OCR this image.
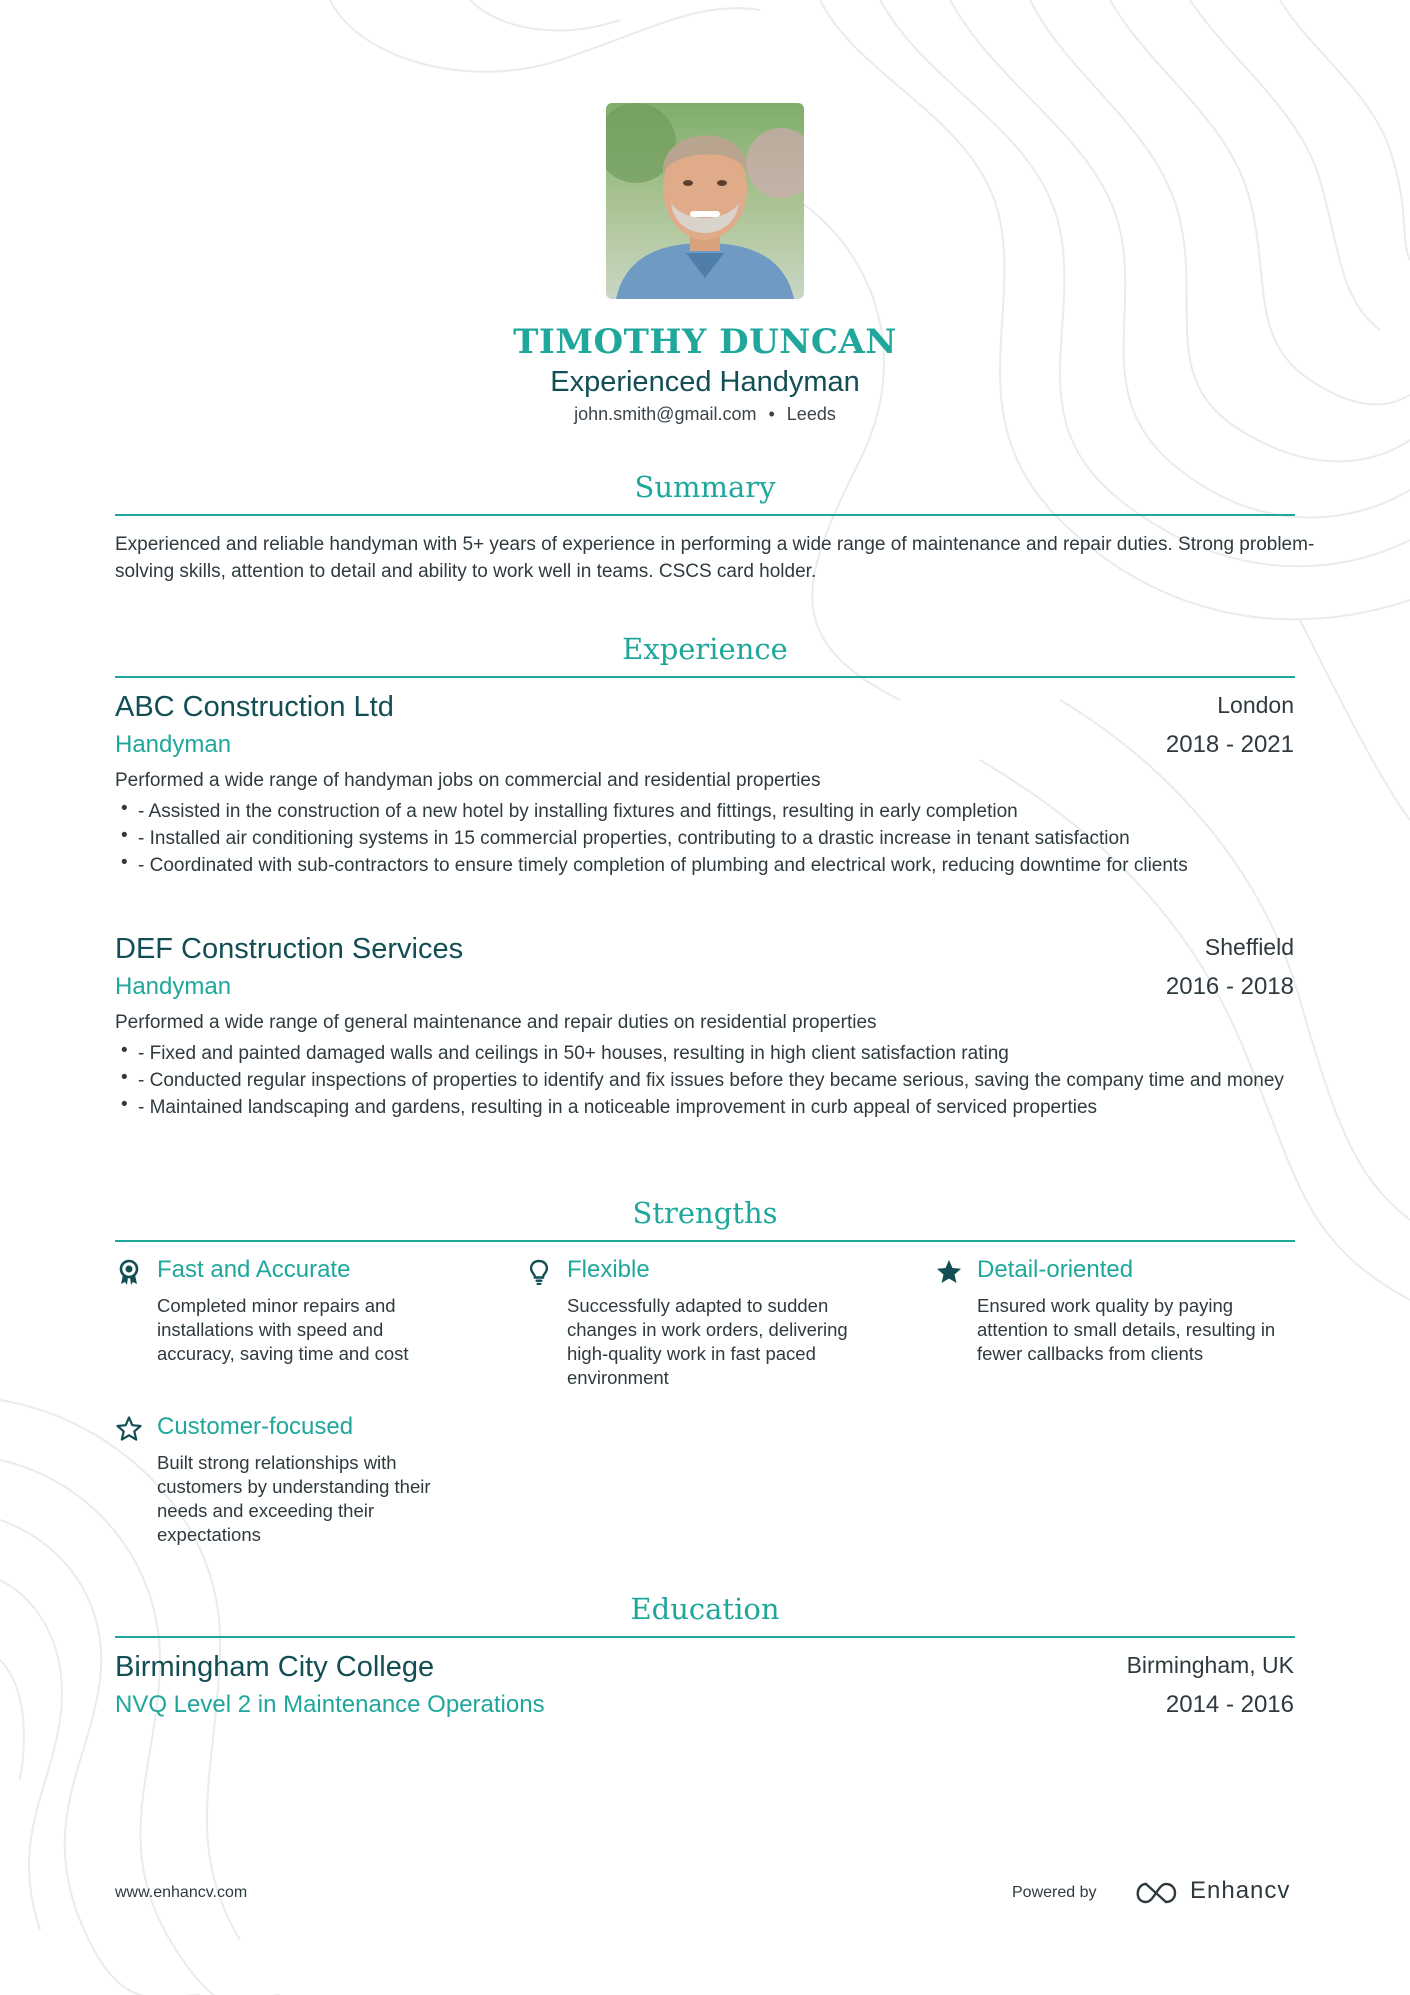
TIMOTHY DUNCAN
Experienced Handyman
john.smith@gmail.com • Leeds
Summary
Experienced and reliable handyman with 5+ years of experience in performing a wide range of maintenance and repair duties. Strong problem-solving skills, attention to detail and ability to work well in teams. CSCS card holder.
Experience
ABC Construction Ltd	London
Handyman	2018 - 2021
Performed a wide range of handyman jobs on commercial and residential properties
• - Assisted in the construction of a new hotel by installing fixtures and fittings, resulting in early completion
• - Installed air conditioning systems in 15 commercial properties, contributing to a drastic increase in tenant satisfaction
• - Coordinated with sub-contractors to ensure timely completion of plumbing and electrical work, reducing downtime for clients
DEF Construction Services	Sheffield
Handyman	2016 - 2018
Performed a wide range of general maintenance and repair duties on residential properties
• - Fixed and painted damaged walls and ceilings in 50+ houses, resulting in high client satisfaction rating
• - Conducted regular inspections of properties to identify and fix issues before they became serious, saving the company time and money
• - Maintained landscaping and gardens, resulting in a noticeable improvement in curb appeal of serviced properties
Strengths
Fast and Accurate
Completed minor repairs and installations with speed and accuracy, saving time and cost
Flexible
Successfully adapted to sudden changes in work orders, delivering high-quality work in fast paced environment
Detail-oriented
Ensured work quality by paying attention to small details, resulting in fewer callbacks from clients
Customer-focused
Built strong relationships with customers by understanding their needs and exceeding their expectations
Education
Birmingham City College	Birmingham, UK
NVQ Level 2 in Maintenance Operations	2014 - 2016
www.enhancv.com	Powered by	Enhancv
